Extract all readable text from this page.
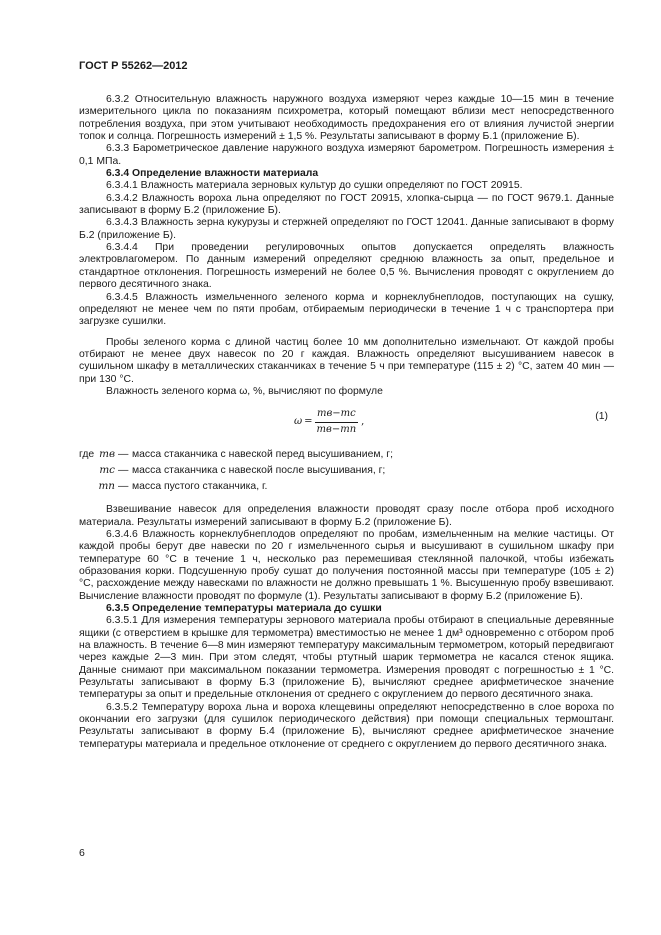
ГОСТ Р 55262—2012

6.3.2 Относительную влажность наружного воздуха измеряют через каждые 10—15 мин в течение измерительного цикла по показаниям психрометра, который помещают вблизи мест непосредственного потребления воздуха, при этом учитывают необходимость предохранения его от влияния лучистой энергии топок и солнца. Погрешность измерений ± 1,5 %. Результаты записывают в форму Б.1 (приложение Б).

6.3.3 Барометрическое давление наружного воздуха измеряют барометром. Погрешность измерения ± 0,1 МПа.

6.3.4 Определение влажности материала

6.3.4.1 Влажность материала зерновых культур до сушки определяют по ГОСТ 20915.

6.3.4.2 Влажность вороха льна определяют по ГОСТ 20915, хлопка-сырца — по ГОСТ 9679.1. Данные записывают в форму Б.2 (приложение Б).

6.3.4.3 Влажность зерна кукурузы и стержней определяют по ГОСТ 12041. Данные записывают в форму Б.2 (приложение Б).

6.3.4.4 При проведении регулировочных опытов допускается определять влажность электровлагомером. По данным измерений определяют среднюю влажность за опыт, предельное и стандартное отклонения. Погрешность измерений не более 0,5 %. Вычисления проводят с округлением до первого десятичного знака.

6.3.4.5 Влажность измельченного зеленого корма и корнеклубнеплодов, поступающих на сушку, определяют не менее чем по пяти пробам, отбираемым периодически в течение 1 ч с транспортера при загрузке сушилки.

Пробы зеленого корма с длиной частиц более 10 мм дополнительно измельчают. От каждой пробы отбирают не менее двух навесок по 20 г каждая. Влажность определяют высушиванием навесок в сушильном шкафу в металлических стаканчиках в течение 5 ч при температуре (115 ± 2) °С, затем 40 мин — при 130 °С.

Влажность зеленого корма ω, %, вычисляют по формуле

$\omega = \frac{mв-mc}{mв-mп}$ ,	(1)
где mв — масса стаканчика с навеской перед высушиванием, г;
mс — масса стаканчика с навеской после высушивания, г;
mп — масса пустого стаканчика, г.

Взвешивание навесок для определения влажности проводят сразу после отбора проб исходного материала. Результаты измерений записывают в форму Б.2 (приложение Б).

6.3.4.6 Влажность корнеклубнеплодов определяют по пробам, измельченным на мелкие частицы. От каждой пробы берут две навески по 20 г измельченного сырья и высушивают в сушильном шкафу при температуре 60 °С в течение 1 ч, несколько раз перемешивая стеклянной палочкой, чтобы избежать образования корки. Подсушенную пробу сушат до получения постоянной массы при температуре (105 ± 2) °С, расхождение между навесками по влажности не должно превышать 1 %. Высушенную пробу взвешивают. Вычисление влажности проводят по формуле (1). Результаты записывают в форму Б.2 (приложение Б).

6.3.5 Определение температуры материала до сушки

6.3.5.1 Для измерения температуры зернового материала пробы отбирают в специальные деревянные ящики (с отверстием в крышке для термометра) вместимостью не менее 1 дм³ одновременно с отбором проб на влажность. В течение 6—8 мин измеряют температуру максимальным термометром, который передвигают через каждые 2—3 мин. При этом следят, чтобы ртутный шарик термометра не касался стенок ящика. Данные снимают при максимальном показании термометра. Измерения проводят с погрешностью ± 1 °С. Результаты записывают в форму Б.3 (приложение Б), вычисляют среднее арифметическое значение температуры за опыт и предельные отклонения от среднего с округлением до первого десятичного знака.

6.3.5.2 Температуру вороха льна и вороха клещевины определяют непосредственно в слое вороха по окончании его загрузки (для сушилок периодического действия) при помощи специальных термоштанг. Результаты записывают в форму Б.4 (приложение Б), вычисляют среднее арифметическое значение температуры материала и предельное отклонение от среднего с округлением до первого десятичного знака.

6
